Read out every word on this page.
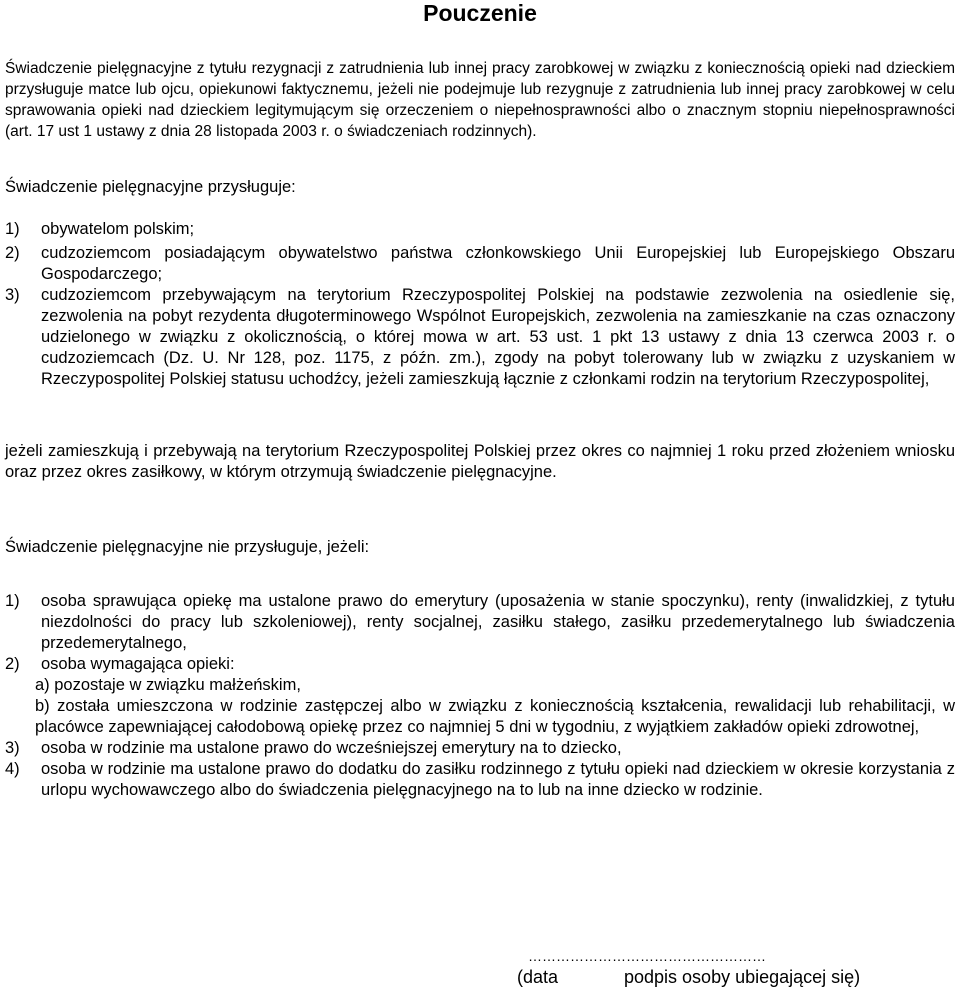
Pouczenie
Świadczenie pielęgnacyjne z tytułu rezygnacji z zatrudnienia lub innej pracy zarobkowej w związku z koniecznością opieki nad dzieckiem przysługuje matce lub ojcu, opiekunowi faktycznemu, jeżeli nie podejmuje lub rezygnuje z zatrudnienia lub innej pracy zarobkowej w celu sprawowania opieki nad dzieckiem legitymującym się orzeczeniem o niepełnosprawności albo o znacznym stopniu niepełnosprawności (art. 17 ust 1 ustawy z dnia 28 listopada 2003 r. o świadczeniach rodzinnych).
Świadczenie pielęgnacyjne przysługuje:
1) obywatelom polskim;
2) cudzoziemcom posiadającym obywatelstwo państwa członkowskiego Unii Europejskiej lub Europejskiego Obszaru Gospodarczego;
3) cudzoziemcom przebywającym na terytorium Rzeczypospolitej Polskiej na podstawie zezwolenia na osiedlenie się, zezwolenia na pobyt rezydenta długoterminowego Wspólnot Europejskich, zezwolenia na zamieszkanie na czas oznaczony udzielonego w związku z okolicznością, o której mowa w art. 53 ust. 1 pkt 13 ustawy z dnia 13 czerwca 2003 r. o cudzoziemcach (Dz. U. Nr 128, poz. 1175, z późn. zm.), zgody na pobyt tolerowany lub w związku z uzyskaniem w Rzeczypospolitej Polskiej statusu uchodźcy, jeżeli zamieszkują łącznie z członkami rodzin na terytorium Rzeczypospolitej,
jeżeli zamieszkują i przebywają na terytorium Rzeczypospolitej Polskiej przez okres co najmniej 1 roku przed złożeniem wniosku oraz przez okres zasiłkowy, w którym otrzymują świadczenie pielęgnacyjne.
Świadczenie pielęgnacyjne nie przysługuje, jeżeli:
1) osoba sprawująca opiekę ma ustalone prawo do emerytury (uposażenia w stanie spoczynku), renty (inwalidzkiej, z tytułu niezdolności do pracy lub szkoleniowej), renty socjalnej, zasiłku stałego, zasiłku przedemerytalnego lub świadczenia przedemerytalnego,
2) osoba wymagająca opieki:
a) pozostaje w związku małżeńskim,
b) została umieszczona w rodzinie zastępczej albo w związku z koniecznością kształcenia, rewalidacji lub rehabilitacji, w placówce zapewniającej całodobową opiekę przez co najmniej 5 dni w tygodniu, z wyjątkiem zakładów opieki zdrowotnej,
3) osoba w rodzinie ma ustalone prawo do wcześniejszej emerytury na to dziecko,
4) osoba w rodzinie ma ustalone prawo do dodatku do zasiłku rodzinnego z tytułu opieki nad dzieckiem w okresie korzystania z urlopu wychowawczego albo do świadczenia pielęgnacyjnego na to lub na inne dziecko w rodzinie.
……………………………………………
(data	podpis osoby ubiegającej się)
